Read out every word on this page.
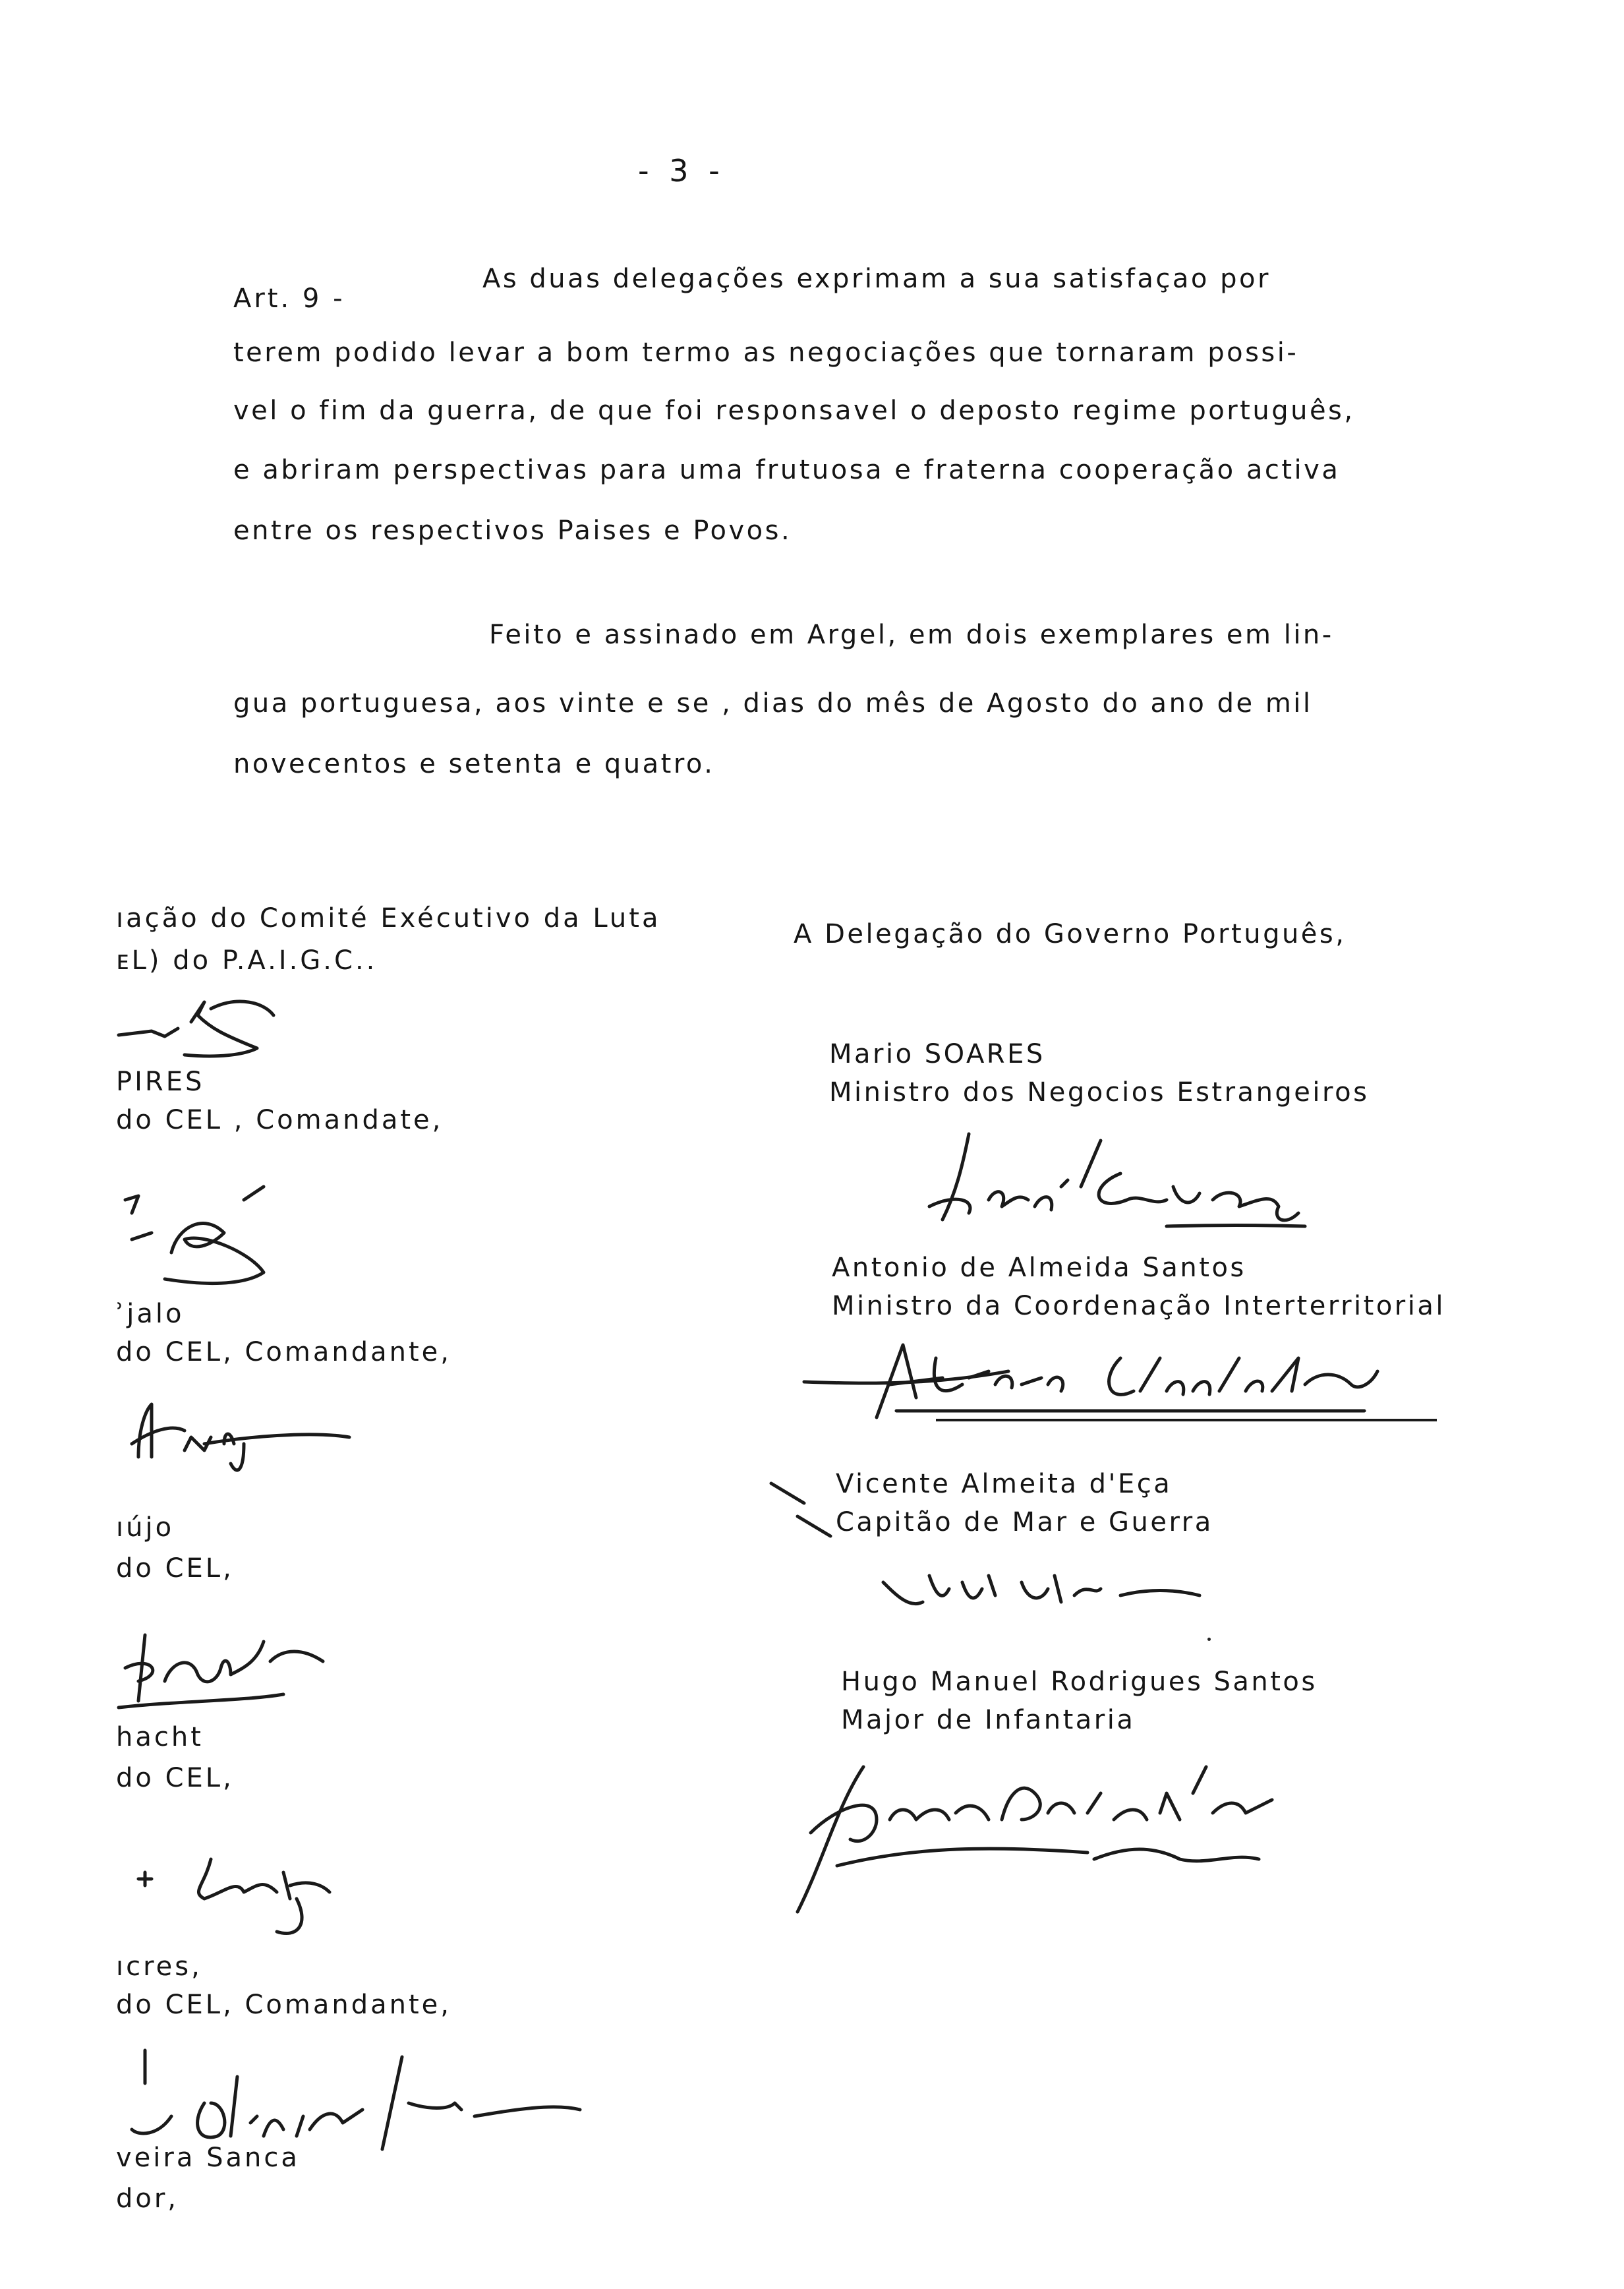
- 3 -
Art. 9 -
As duas delegações exprimam a sua satisfaçao por
terem podido levar a bom termo as negociações que tornaram possi-
vel o fim da guerra, de que foi responsavel o deposto regime português,
e abriram perspectivas para uma frutuosa e fraterna cooperação activa
entre os respectivos Paises e Povos.
Feito e assinado em Argel, em dois exemplares em lin-
gua portuguesa, aos vinte e se , dias do mês de Agosto do ano de mil
novecentos e setenta e quatro.
ıação do Comité Exécutivo da Luta
ᴇL) do P.A.I.G.C..
PIRES
do CEL , Comandate,
ʾjalo
do CEL, Comandante,
ıújo
do CEL,
hacht
do CEL,
ıcres,
do CEL, Comandante,
veira Sanca
dor,
A Delegação do Governo Português,
Mario SOARES
Ministro dos Negocios Estrangeiros
Antonio de Almeida Santos
Ministro da Coordenação Interterritorial
Vicente Almeita d'Eça
Capitão de Mar e Guerra
Hugo Manuel Rodrigues Santos
Major de Infantaria
